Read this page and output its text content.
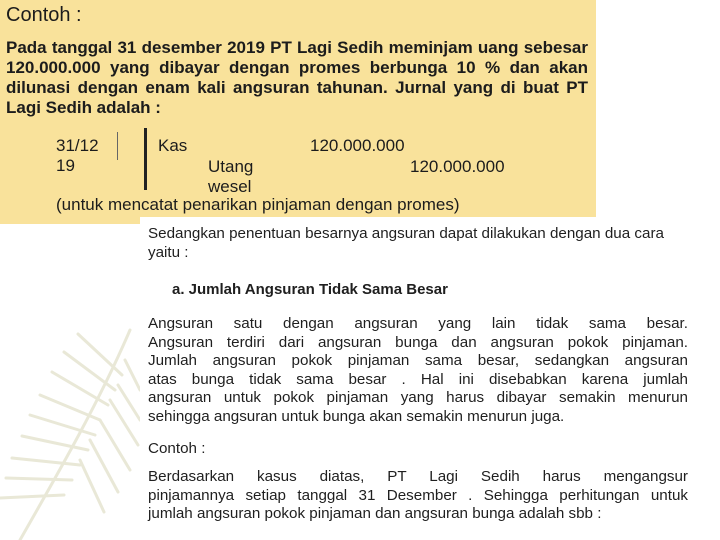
Contoh :
Pada tanggal 31 desember 2019 PT Lagi Sedih meminjam uang sebesar
120.000.000 yang dibayar dengan promes berbunga 10 % dan akan
dilunasi dengan enam kali angsuran tahunan. Jurnal yang di buat PT
Lagi Sedih adalah :
31/12 19
Kas	120.000.000
Utang wesel
120.000.000
(untuk mencatat penarikan pinjaman dengan promes)
Sedangkan penentuan besarnya angsuran dapat dilakukan dengan dua cara yaitu :
a. Jumlah Angsuran Tidak Sama Besar
Angsuran satu dengan angsuran yang lain tidak sama besar.
Angsuran terdiri dari angsuran bunga dan angsuran pokok pinjaman.
Jumlah angsuran pokok pinjaman sama besar, sedangkan angsuran
atas bunga tidak sama besar . Hal ini disebabkan karena jumlah
angsuran untuk pokok pinjaman yang harus dibayar semakin menurun
sehingga angsuran untuk bunga akan semakin menurun juga.
Contoh :
Berdasarkan kasus diatas, PT Lagi Sedih harus mengangsur
pinjamannya setiap tanggal 31 Desember . Sehingga perhitungan untuk
jumlah angsuran pokok pinjaman dan angsuran bunga adalah sbb :
